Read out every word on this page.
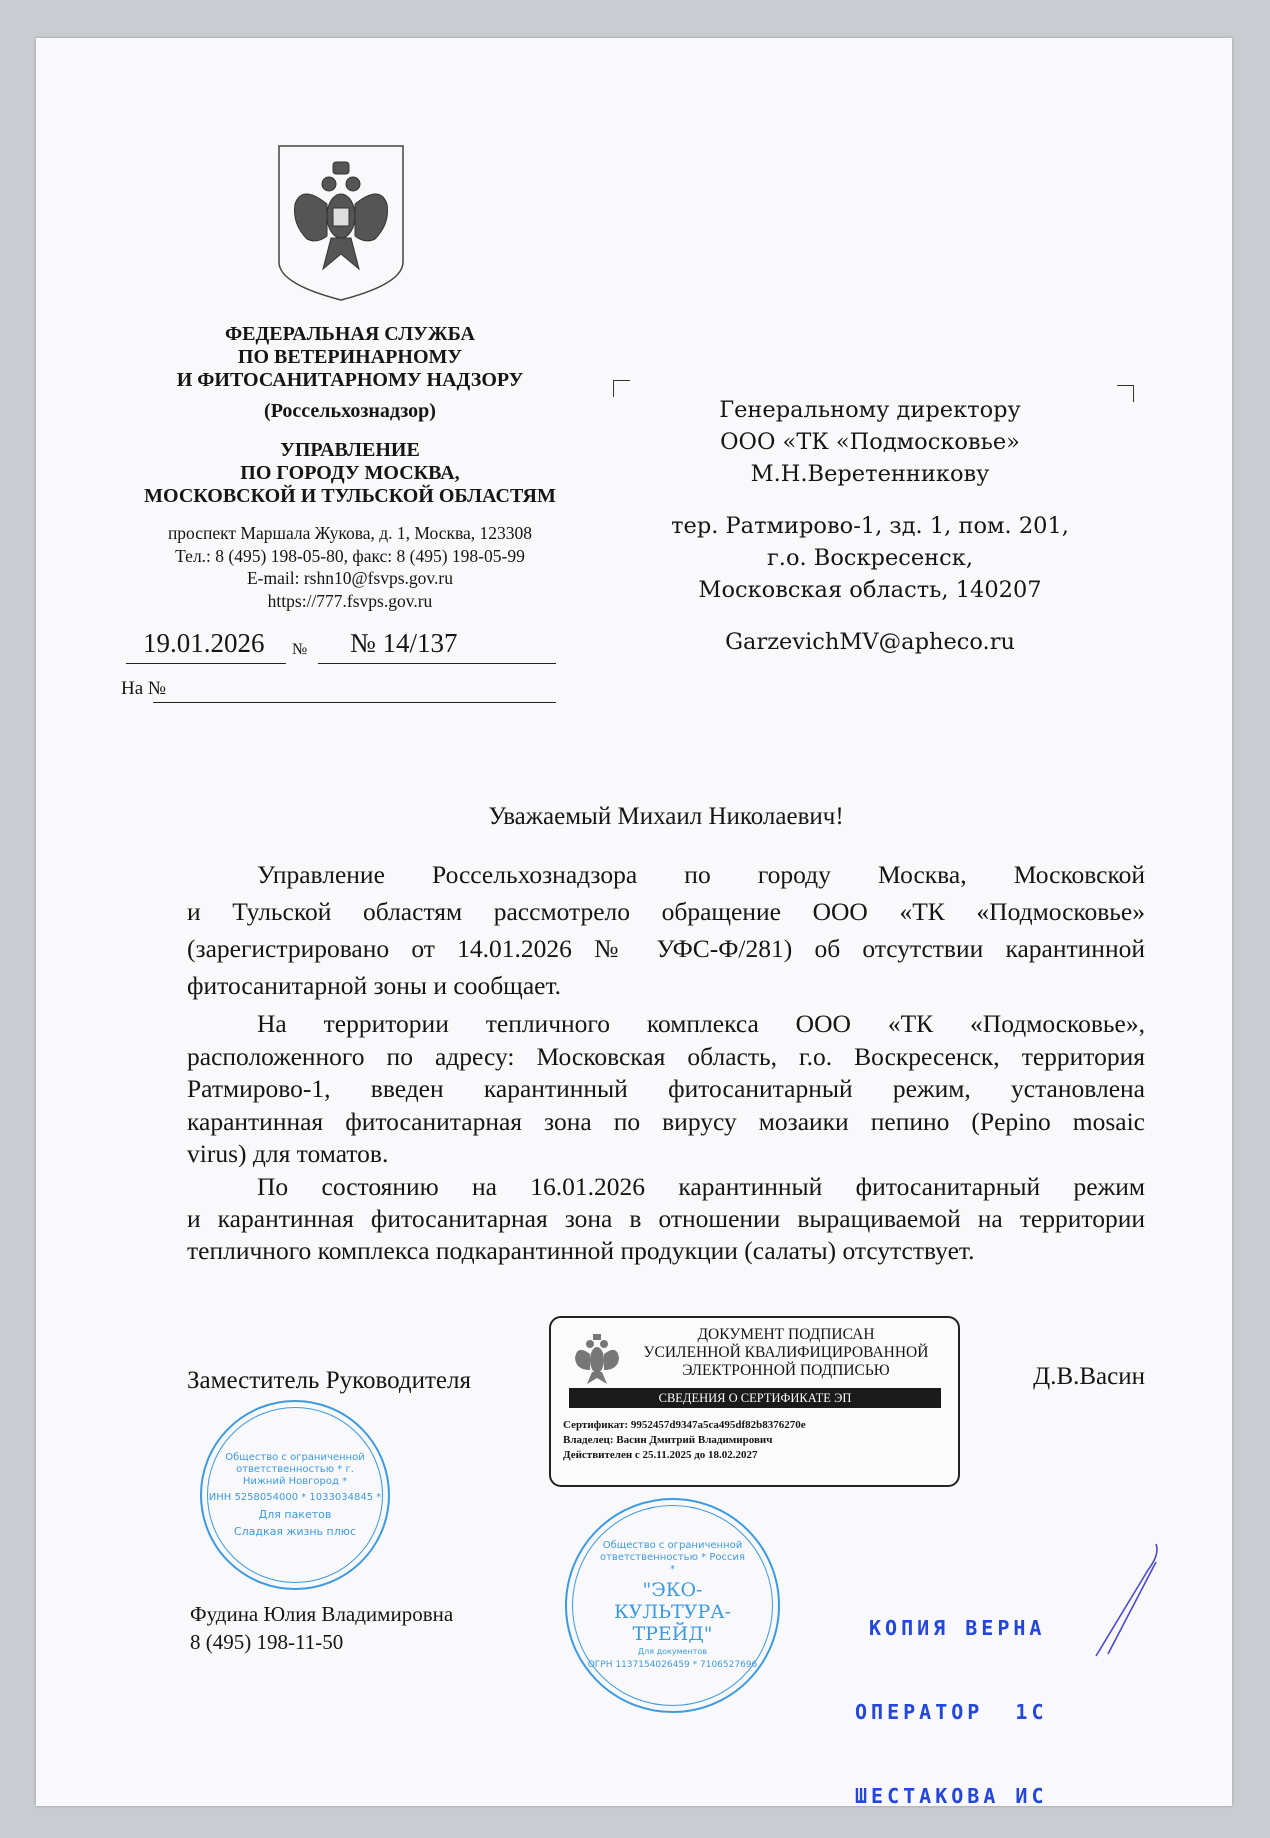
ФЕДЕРАЛЬНАЯ СЛУЖБА
ПО ВЕТЕРИНАРНОМУ
И ФИТОСАНИТАРНОМУ НАДЗОРУ
(Россельхознадзор)
УПРАВЛЕНИЕ
ПО ГОРОДУ МОСКВА,
МОСКОВСКОЙ И ТУЛЬСКОЙ ОБЛАСТЯМ
проспект Маршала Жукова, д. 1, Москва, 123308
Тел.: 8 (495) 198-05-80, факс: 8 (495) 198-05-99
E-mail: rshn10@fsvps.gov.ru
https://777.fsvps.gov.ru
19.01.2026 № № 14/137
На №
Генеральному директору
ООО «ТК «Подмосковье»
М.Н.Веретенникову
тер. Ратмирово-1, зд. 1, пом. 201,
г.о. Воскресенск,
Московская область, 140207
GarzevichMV@apheco.ru
Уважаемый Михаил Николаевич!
Управление Россельхознадзора по городу Москва, Московской
и Тульской областям рассмотрело обращение ООО «ТК «Подмосковье»
(зарегистрировано от 14.01.2026 № УФС-Ф/281) об отсутствии карантинной
фитосанитарной зоны и сообщает.
На территории тепличного комплекса ООО «ТК «Подмосковье»,
расположенного по адресу: Московская область, г.о. Воскресенск, территория
Ратмирово-1, введен карантинный фитосанитарный режим, установлена
карантинная фитосанитарная зона по вирусу мозаики пепино (Pepino mosaic
virus) для томатов.
По состоянию на 16.01.2026 карантинный фитосанитарный режим
и карантинная фитосанитарная зона в отношении выращиваемой на территории
тепличного комплекса подкарантинной продукции (салаты) отсутствует.
Заместитель Руководителя	Д.В.Васин
ДОКУМЕНТ ПОДПИСАН
УСИЛЕННОЙ КВАЛИФИЦИРОВАННОЙ
ЭЛЕКТРОННОЙ ПОДПИСЬЮ
СВЕДЕНИЯ О СЕРТИФИКАТЕ ЭП
Сертификат: 9952457d9347a5ca495df82b8376270e
Владелец: Васин Дмитрий Владимирович
Действителен с 25.11.2025 до 18.02.2027
Общество с ограниченной ответственностью * г. Нижний Новгород *
ИНН 5258054000 * 1033034845 *
Для пакетов
Сладкая жизнь плюс
Общество с ограниченной ответственностью * Россия *
"ЭКО-
КУЛЬТУРА-
ТРЕЙД"
Для документов
ОГРН 1137154026459 * 7106527696

КОПИЯ ВЕРНА

ОПЕРАТОР  1С

ШЕСТАКОВА ИС

Фудина Юлия Владимировна
8 (495) 198-11-50
